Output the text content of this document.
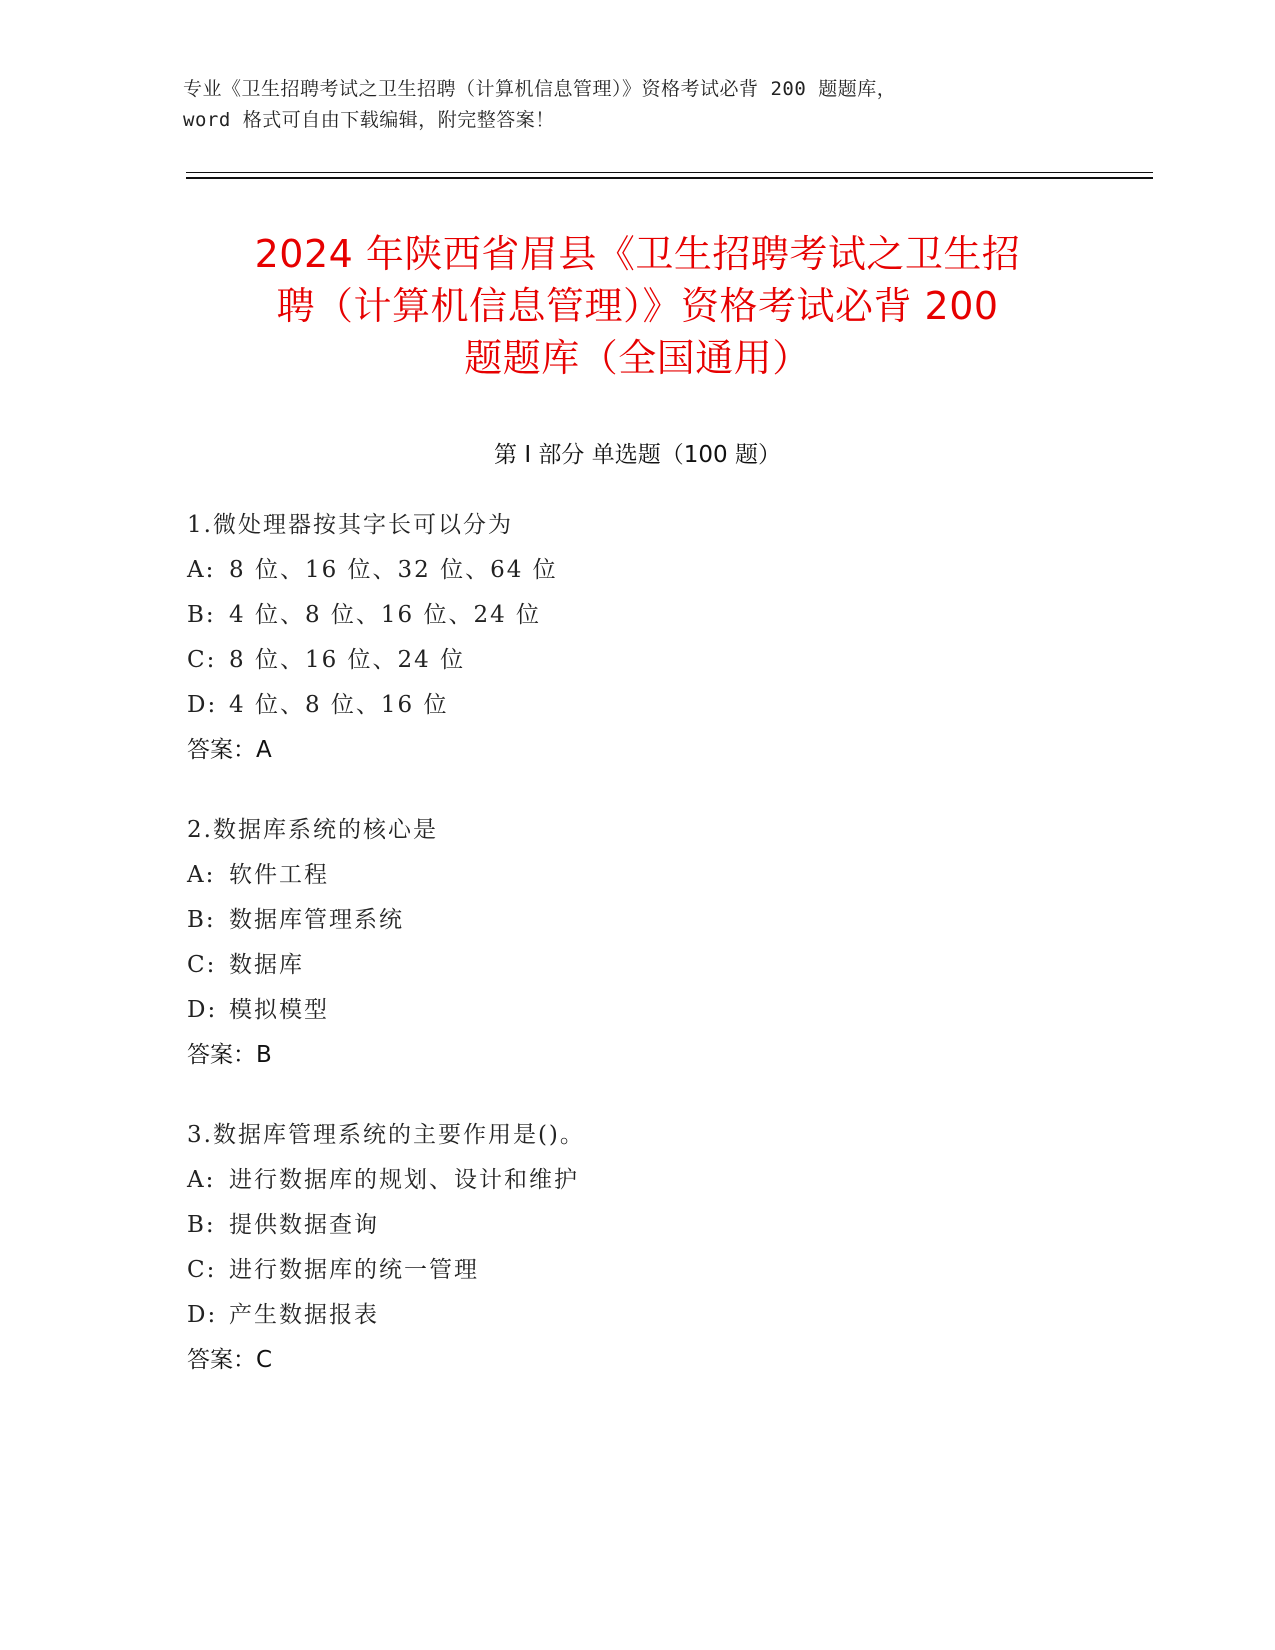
专业《卫生招聘考试之卫生招聘（计算机信息管理）》资格考试必背 200 题题库，
word 格式可自由下载编辑，附完整答案！
2024 年陕西省眉县《卫生招聘考试之卫生招
聘（计算机信息管理）》资格考试必背 200
题题库（全国通用）
第 I 部分 单选题（100 题）
1.微处理器按其字长可以分为
A: 8 位、16 位、32 位、64 位
B: 4 位、8 位、16 位、24 位
C: 8 位、16 位、24 位
D: 4 位、8 位、16 位
答案：A
2.数据库系统的核心是
A: 软件工程
B: 数据库管理系统
C: 数据库
D: 模拟模型
答案：B
3.数据库管理系统的主要作用是()。
A: 进行数据库的规划、设计和维护
B: 提供数据查询
C: 进行数据库的统一管理
D: 产生数据报表
答案：C
